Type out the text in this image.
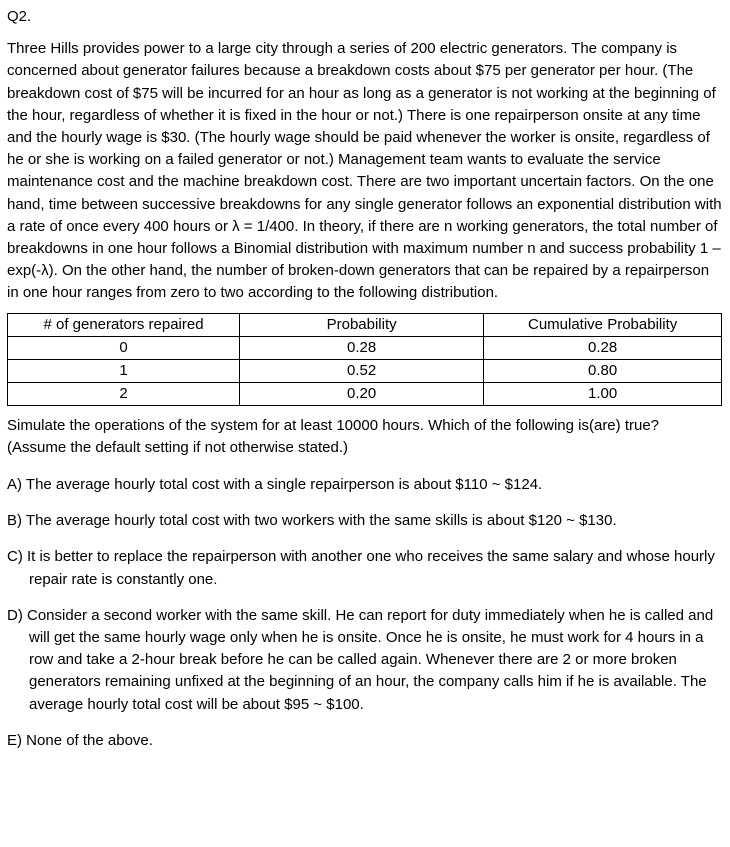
Q2.
Three Hills provides power to a large city through a series of 200 electric generators. The company is concerned about generator failures because a breakdown costs about $75 per generator per hour. (The breakdown cost of $75 will be incurred for an hour as long as a generator is not working at the beginning of the hour, regardless of whether it is fixed in the hour or not.) There is one repairperson onsite at any time and the hourly wage is $30. (The hourly wage should be paid whenever the worker is onsite, regardless of he or she is working on a failed generator or not.) Management team wants to evaluate the service maintenance cost and the machine breakdown cost. There are two important uncertain factors. On the one hand, time between successive breakdowns for any single generator follows an exponential distribution with a rate of once every 400 hours or λ = 1/400. In theory, if there are n working generators, the total number of breakdowns in one hour follows a Binomial distribution with maximum number n and success probability 1 – exp(-λ). On the other hand, the number of broken-down generators that can be repaired by a repairperson in one hour ranges from zero to two according to the following distribution.
# of generators repaired	Probability	Cumulative Probability
0	0.28	0.28
1	0.52	0.80
2	0.20	1.00
Simulate the operations of the system for at least 10000 hours. Which of the following is(are) true? (Assume the default setting if not otherwise stated.)
A) The average hourly total cost with a single repairperson is about $110 ~ $124.
B) The average hourly total cost with two workers with the same skills is about $120 ~ $130.
C) It is better to replace the repairperson with another one who receives the same salary and whose hourly repair rate is constantly one.
D) Consider a second worker with the same skill. He can report for duty immediately when he is called and will get the same hourly wage only when he is onsite. Once he is onsite, he must work for 4 hours in a row and take a 2-hour break before he can be called again. Whenever there are 2 or more broken generators remaining unfixed at the beginning of an hour, the company calls him if he is available. The average hourly total cost will be about $95 ~ $100.
E) None of the above.
